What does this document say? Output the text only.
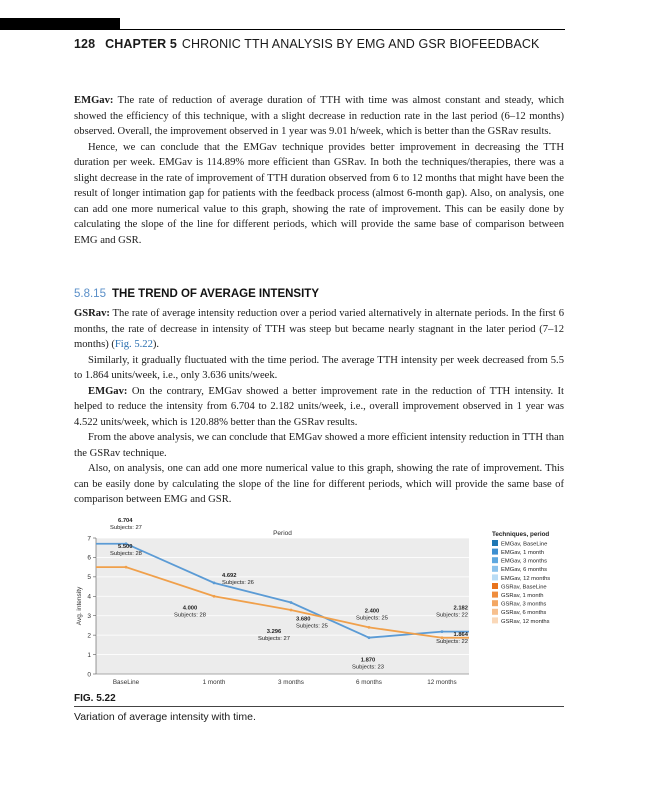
128 CHAPTER 5 CHRONIC TTH ANALYSIS BY EMG AND GSR BIOFEEDBACK

EMGav: The rate of reduction of average duration of TTH with time was almost constant and steady, which showed the efficiency of this technique, with a slight decrease in reduction rate in the last period (6–12 months) observed. Overall, the improvement observed in 1 year was 9.01 h/week, which is better than the GSRav results.

Hence, we can conclude that the EMGav technique provides better improvement in decreasing the TTH duration per week. EMGav is 114.89% more efficient than GSRav. In both the techniques/therapies, there was a slight decrease in the rate of improvement of TTH duration observed from 6 to 12 months that might have been the result of longer intimation gap for patients with the feedback process (almost 6-month gap). Also, on analysis, one can add one more numerical value to this graph, showing the rate of improvement. This can be easily done by calculating the slope of the line for different periods, which will provide the same base of comparison between EMG and GSR.

5.8.15 THE TREND OF AVERAGE INTENSITY

GSRav: The rate of average intensity reduction over a period varied alternatively in alternate periods. In the first 6 months, the rate of decrease in intensity of TTH was steep but became nearly stagnant in the later period (7–12 months) (Fig. 5.22).

Similarly, it gradually fluctuated with the time period. The average TTH intensity per week decreased from 5.5 to 1.864 units/week, i.e., only 3.636 units/week.

EMGav: On the contrary, EMGav showed a better improvement rate in the reduction of TTH intensity. It helped to reduce the intensity from 6.704 to 2.182 units/week, i.e., overall improvement observed in 1 year was 4.522 units/week, which is 120.88% better than the GSRav results.

From the above analysis, we can conclude that EMGav showed a more efficient intensity reduction in TTH than the GSRav technique.

Also, on analysis, one can add one more numerical value to this graph, showing the rate of improvement. This can be easily done by calculating the slope of the line for different periods, which will provide the same base of comparison between EMG and GSR.

Period
0
1
2
3
4
5
6
7
Avg. intensity
BaseLine	1 month	3 months	6 months	12 months
6.704
Subjects: 27
4.692
Subjects: 26
3.680
Subjects: 25
1.870
Subjects: 23
2.182
Subjects: 22
5.500
Subjects: 28
4.000
Subjects: 28
3.296
Subjects: 27
2.400
Subjects: 25
1.864
Subjects: 22
Techniques, period
EMGav, BaseLine
EMGav, 1 month
EMGav, 3 months
EMGav, 6 months
EMGav, 12 months
GSRav, BaseLine
GSRav, 1 month
GSRav, 3 months
GSRav, 6 months
GSRav, 12 months
FIG. 5.22
Variation of average intensity with time.
